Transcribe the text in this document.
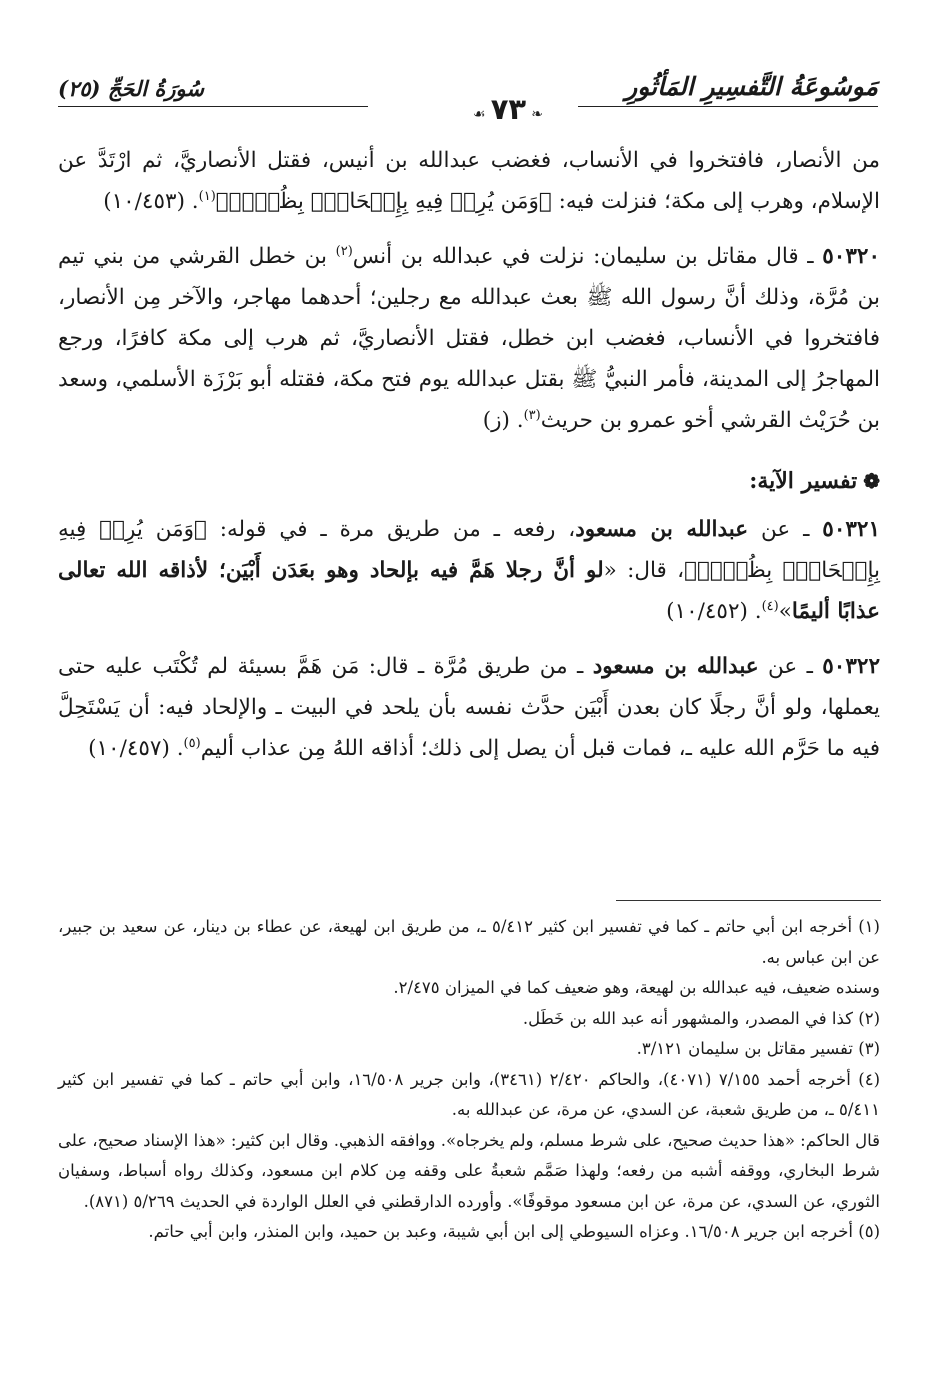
مَوسُوعَةُ التَّفسِيرِ المَأثُورِ
سُورَةُ الحَجِّ (٢٥)
❧ ٧٣ ☙

من الأنصار، فافتخروا في الأنساب، فغضب عبدالله بن أنيس، فقتل الأنصاريَّ، ثم ارْتَدَّ عن الإسلام، وهرب إلى مكة؛ فنزلت فيه: ﴿وَمَن يُرِدۡ فِيهِ بِإِلۡحَادِۭ بِظُلۡمٖ﴾$^{(١)}$. (١٠/٤٥٣)

٥٠٣٢٠ ـ قال مقاتل بن سليمان: نزلت في عبدالله بن أنس$^{(٢)}$ بن خطل القرشي من بني تيم بن مُرَّة، وذلك أنَّ رسول الله ﷺ بعث عبدالله مع رجلين؛ أحدهما مهاجر، والآخر مِن الأنصار، فافتخروا في الأنساب، فغضب ابن خطل، فقتل الأنصاريَّ، ثم هرب إلى مكة كافرًا، ورجع المهاجرُ إلى المدينة، فأمر النبيُّ ﷺ بقتل عبدالله يوم فتح مكة، فقتله أبو بَرْزَة الأسلمي، وسعد بن حُرَيْث القرشي أخو عمرو بن حريث$^{(٣)}$. (ز)

❁تفسير الآية:

٥٠٣٢١ ـ عن عبدالله بن مسعود، رفعه ـ من طريق مرة ـ في قوله: ﴿وَمَن يُرِدۡ فِيهِ بِإِلۡحَادِۭ بِظُلۡمٖ﴾، قال: «لو أنَّ رجلا هَمَّ فيه بإلحاد وهو بعَدَن أَبْيَن؛ لأذاقه الله تعالى عذابًا أليمًا»$^{(٤)}$. (١٠/٤٥٢)

٥٠٣٢٢ ـ عن عبدالله بن مسعود ـ من طريق مُرَّة ـ قال: مَن هَمَّ بسيئة لم تُكْتَب عليه حتى يعملها، ولو أنَّ رجلًا كان بعدن أَبْيَن حدَّث نفسه بأن يلحد في البيت ـ والإلحاد فيه: أن يَسْتَحِلَّ فيه ما حَرَّم الله عليه ـ، فمات قبل أن يصل إلى ذلك؛ أذاقه اللهُ مِن عذاب أليم$^{(٥)}$. (١٠/٤٥٧)

(١) أخرجه ابن أبي حاتم ـ كما في تفسير ابن كثير ٥/٤١٢ ـ، من طريق ابن لهيعة، عن عطاء بن دينار، عن سعيد بن جبير، عن ابن عباس به.

وسنده ضعيف، فيه عبدالله بن لهيعة، وهو ضعيف كما في الميزان ٢/٤٧٥.

(٢) كذا في المصدر، والمشهور أنه عبد الله بن خَطَل.

(٣) تفسير مقاتل بن سليمان ٣/١٢١.

(٤) أخرجه أحمد ٧/١٥٥ (٤٠٧١)، والحاكم ٢/٤٢٠ (٣٤٦١)، وابن جرير ١٦/٥٠٨، وابن أبي حاتم ـ كما في تفسير ابن كثير ٥/٤١١ ـ، من طريق شعبة، عن السدي، عن مرة، عن عبدالله به.

قال الحاكم: «هذا حديث صحيح، على شرط مسلم، ولم يخرجاه». ووافقه الذهبي. وقال ابن كثير: «هذا الإسناد صحيح، على شرط البخاري، ووقفه أشبه من رفعه؛ ولهذا صَمَّم شعبةُ على وقفه مِن كلام ابن مسعود، وكذلك رواه أسباط، وسفيان الثوري، عن السدي، عن مرة، عن ابن مسعود موقوفًا». وأورده الدارقطني في العلل الواردة في الحديث ٥/٢٦٩ (٨٧١).

(٥) أخرجه ابن جرير ١٦/٥٠٨. وعزاه السيوطي إلى ابن أبي شيبة، وعبد بن حميد، وابن المنذر، وابن أبي حاتم.
